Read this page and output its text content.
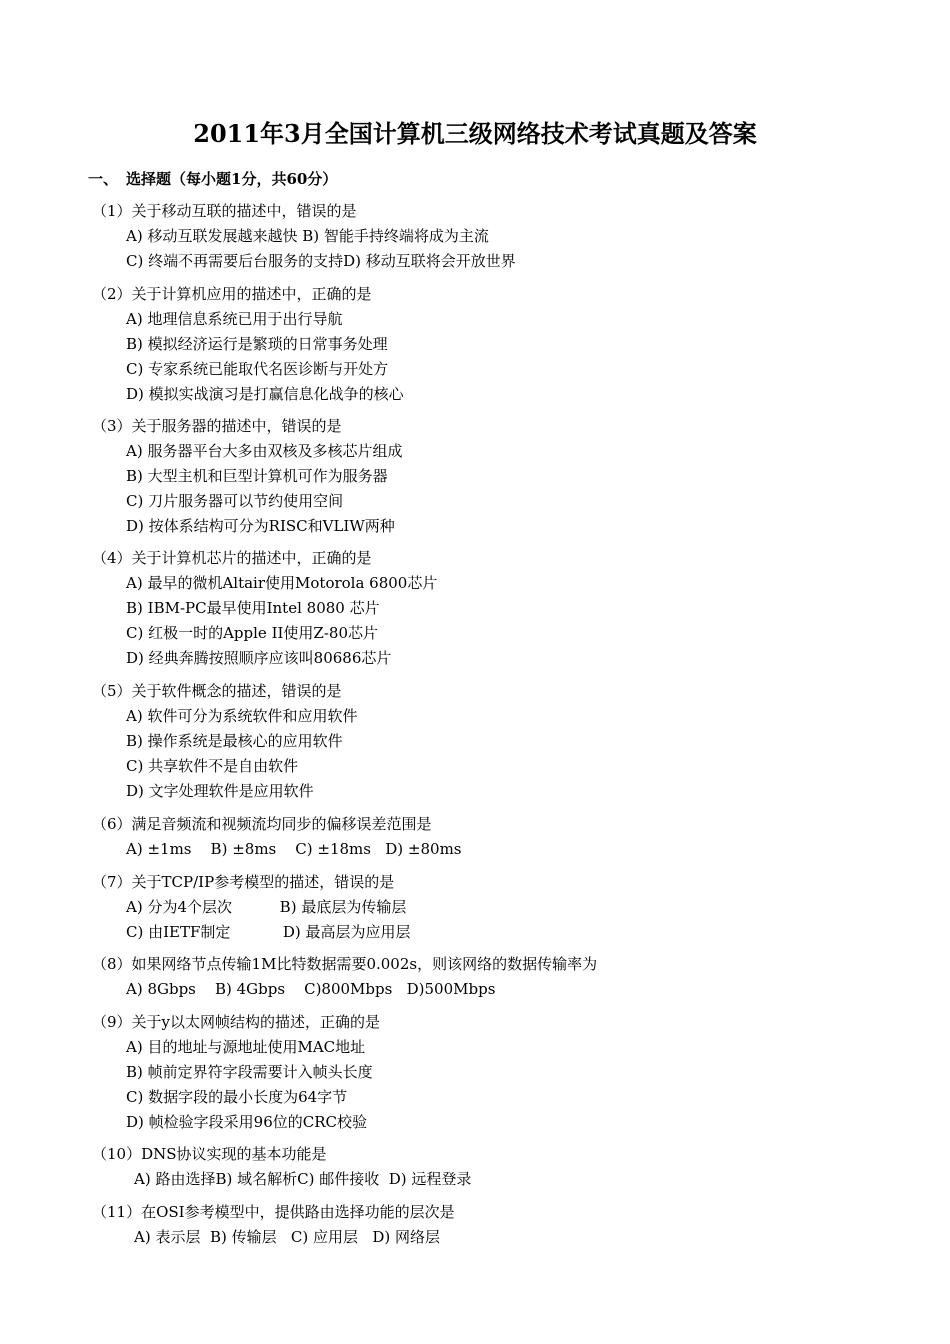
2011年3月全国计算机三级网络技术考试真题及答案
一、 选择题（每小题1分，共60分）
（1）关于移动互联的描述中，错误的是
A) 移动互联发展越来越快 B) 智能手持终端将成为主流
C) 终端不再需要后台服务的支持D) 移动互联将会开放世界
（2）关于计算机应用的描述中，正确的是
A) 地理信息系统已用于出行导航
B) 模拟经济运行是繁琐的日常事务处理
C) 专家系统已能取代名医诊断与开处方
D) 模拟实战演习是打赢信息化战争的核心
（3）关于服务器的描述中，错误的是
A) 服务器平台大多由双核及多核芯片组成
B) 大型主机和巨型计算机可作为服务器
C) 刀片服务器可以节约使用空间
D) 按体系结构可分为RISC和VLIW两种
（4）关于计算机芯片的描述中，正确的是
A) 最早的微机Altair使用Motorola 6800芯片
B) IBM-PC最早使用Intel 8080 芯片
C) 红极一时的Apple II使用Z-80芯片
D) 经典奔腾按照顺序应该叫80686芯片
（5）关于软件概念的描述，错误的是
A) 软件可分为系统软件和应用软件
B) 操作系统是最核心的应用软件
C) 共享软件不是自由软件
D) 文字处理软件是应用软件
（6）满足音频流和视频流均同步的偏移误差范围是
A) ±1ms    B) ±8ms    C) ±18ms   D) ±80ms
（7）关于TCP/IP参考模型的描述，错误的是
A) 分为4个层次          B) 最底层为传输层
C) 由IETF制定           D) 最高层为应用层
（8）如果网络节点传输1M比特数据需要0.002s，则该网络的数据传输率为
A) 8Gbps    B) 4Gbps    C)800Mbps   D)500Mbps
（9）关于y以太网帧结构的描述，正确的是
A) 目的地址与源地址使用MAC地址
B) 帧前定界符字段需要计入帧头长度
C) 数据字段的最小长度为64字节
D) 帧检验字段采用96位的CRC校验
（10）DNS协议实现的基本功能是
A) 路由选择B) 域名解析C) 邮件接收  D) 远程登录
（11）在OSI参考模型中，提供路由选择功能的层次是
A) 表示层  B) 传输层   C) 应用层   D) 网络层
